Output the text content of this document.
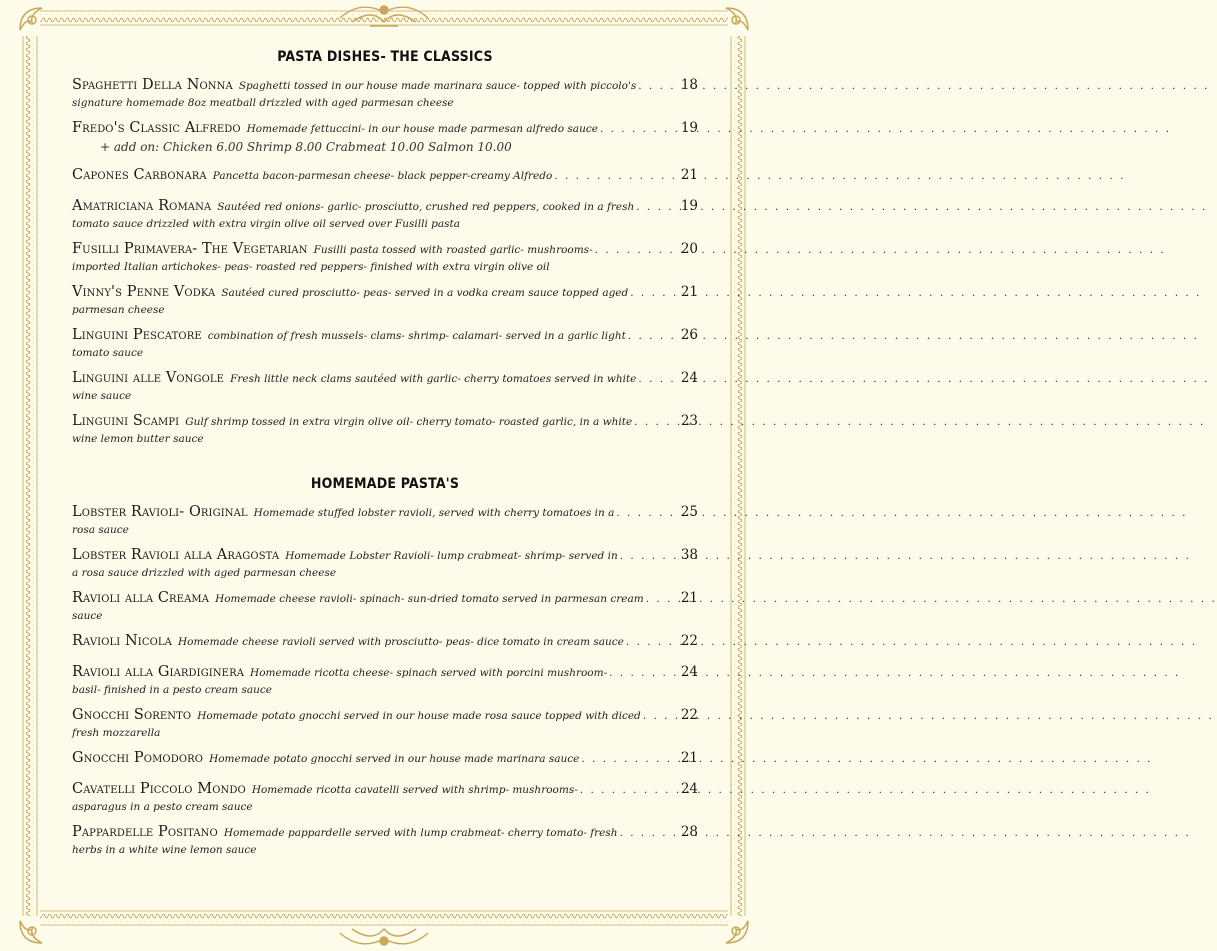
PASTA DISHES- THE CLASSICS
Spaghetti Della Nonna Spaghetti tossed in our house made marinara sauce- topped with piccolo's . . .	18
signature homemade 8oz meatball drizzled with aged parmesan cheese
Fredo's Classic Alfredo Homemade fettuccini- in our house made parmesan alfredo sauce . . .	19
+ add on: Chicken 6.00 Shrimp 8.00 Crabmeat 10.00 Salmon 10.00
Capones Carbonara Pancetta bacon-parmesan cheese- black pepper-creamy Alfredo . . .	21
Amatriciana Romana Sautéed red onions- garlic- prosciutto, crushed red peppers, cooked in a fresh . . .	19
tomato sauce drizzled with extra virgin olive oil served over Fusilli pasta
Fusilli Primavera- The Vegetarian Fusilli pasta tossed with roasted garlic- mushrooms- . . .	20
imported Italian artichokes- peas- roasted red peppers- finished with extra virgin olive oil
Vinny's Penne Vodka Sautéed cured prosciutto- peas- served in a vodka cream sauce topped aged . . .	21
parmesan cheese
Linguini Pescatore combination of fresh mussels- clams- shrimp- calamari- served in a garlic light . . .	26
tomato sauce
Linguini alle Vongole Fresh little neck clams sautéed with garlic- cherry tomatoes served in white . . .	24
wine sauce
Linguini Scampi Gulf shrimp tossed in extra virgin olive oil- cherry tomato- roasted garlic, in a white . . .	23
wine lemon butter sauce
HOMEMADE PASTA'S
Lobster Ravioli- Original Homemade stuffed lobster ravioli, served with cherry tomatoes in a . . .	25
rosa sauce
Lobster Ravioli alla Aragosta Homemade Lobster Ravioli- lump crabmeat- shrimp- served in . . .	38
a rosa sauce drizzled with aged parmesan cheese
Ravioli alla Creama Homemade cheese ravioli- spinach- sun-dried tomato served in parmesan cream . . .	21
sauce
Ravioli Nicola Homemade cheese ravioli served with prosciutto- peas- dice tomato in cream sauce . . .	22
Ravioli alla Giardiginera Homemade ricotta cheese- spinach served with porcini mushroom- . . .	24
basil- finished in a pesto cream sauce
Gnocchi Sorento Homemade potato gnocchi served in our house made rosa sauce topped with diced . . .	22
fresh mozzarella
Gnocchi Pomodoro Homemade potato gnocchi served in our house made marinara sauce . . .	21
Cavatelli Piccolo Mondo Homemade ricotta cavatelli served with shrimp- mushrooms- . . .	24
asparagus in a pesto cream sauce
Pappardelle Positano Homemade pappardelle served with lump crabmeat- cherry tomato- fresh . . .	28
herbs in a white wine lemon sauce
